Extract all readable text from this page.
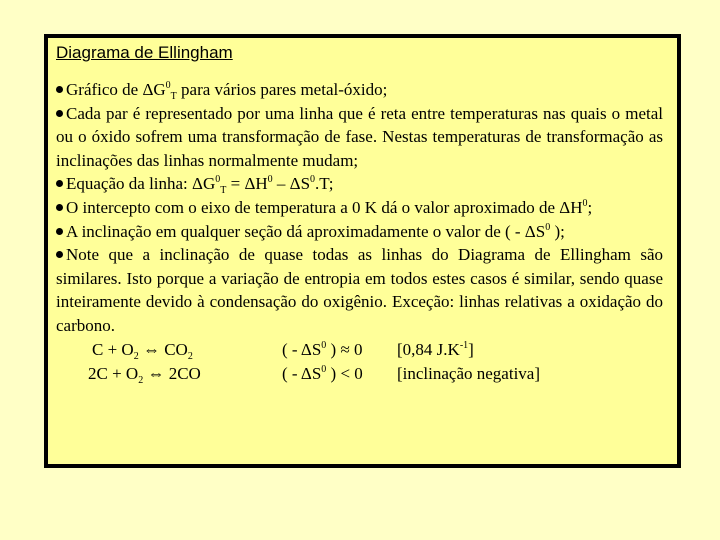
Diagrama de Ellingham

Gráfico de $\Delta G^0_T$ para vários pares metal-óxido;

Cada par é representado por uma linha que é reta entre temperaturas nas quais o metal ou o óxido sofrem uma transformação de fase. Nestas temperaturas de transformação as inclinações das linhas normalmente mudam;

Equação da linha: $\Delta G^0_T = \Delta H^0 - \Delta S^0.T$;

O intercepto com o eixo de temperatura a 0 K dá o valor aproximado de $\Delta H^0$;

A inclinação em qualquer seção dá aproximadamente o valor de ( - $\Delta S^0$ );

Note que a inclinação de quase todas as linhas do Diagrama de Ellingham são similares. Isto porque a variação de entropia em todos estes casos é similar, sendo quase inteiramente devido à condensação do oxigênio. Exceção: linhas relativas a oxidação do carbono.

$C + O_2$ ⇔ $CO_2$	( - $\Delta S^0$ ) ≈ 0 [0,84 $J.K^{-1}$]

$2C + O_2$ ⇔ 2CO	( - $\Delta S^0$ ) < 0 [inclinação negativa]
